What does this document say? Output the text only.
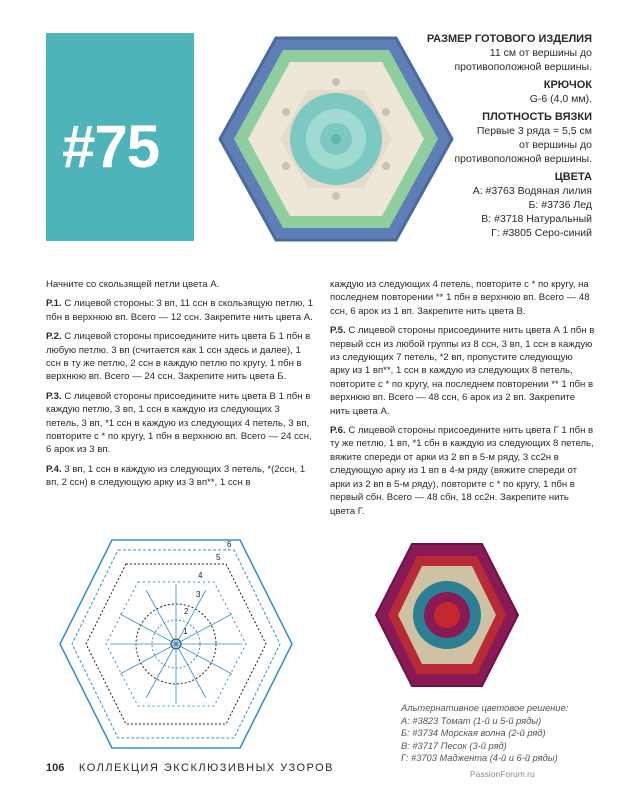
#75

РАЗМЕР ГОТОВОГО ИЗДЕЛИЯ

11 см от вершины до

противоположной вершины.

КРЮЧОК

G-6 (4,0 мм).

ПЛОТНОСТЬ ВЯЗКИ

Первые 3 ряда = 5,5 см

от вершины до

противоположной вершины.

ЦВЕТА

А: #3763 Водяная лилия

Б: #3736 Лед

В: #3718 Натуральный

Г: #3805 Серо-синий

Начните со скользящей петли цвета А.

Р.1. С лицевой стороны: 3 вп, 11 ссн в скользящую петлю, 1 пбн в верхнюю вп. Всего — 12 ссн. Закрепите нить цвета А.

Р.2. С лицевой стороны присоедините нить цвета Б 1 пбн в любую петлю. 3 вп (считается как 1 ссн здесь и далее), 1 ссн в ту же петлю, 2 ссн в каждую петлю по кругу, 1 пбн в верхнюю вп. Всего — 24 ссн. Закрепите нить цвета Б.

Р.3. С лицевой стороны присоедините нить цвета В 1 пбн в каждую петлю, 3 вп, 1 ссн в каждую из следующих 3 петель, 3 вп, *1 ссн в каждую из следующих 4 петель, 3 вп, повторите с * по кругу, 1 пбн в верхнюю вп. Всего — 24 ссн, 6 арок из 3 вп.

Р.4. 3 вп, 1 ссн в каждую из следующих 3 петель, *(2ссн, 1 вп, 2 ссн) в следующую арку из 3 вп**, 1 ссн в

каждую из следующих 4 петель, повторите с * по кругу, на последнем повторении ** 1 пбн в верхнюю вп. Всего — 48 ссн, 6 арок из 1 вп. Закрепите нить цвета В.

Р.5. С лицевой стороны присоедините нить цвета А 1 пбн в первый ссн из любой группы из 8 ссн, 3 вп, 1 ссн в каждую из следующих 7 петель, *2 вп, пропустите следующую арку из 1 вп**, 1 ссн в каждую из следующих 8 петель, повторите с * по кругу, на последнем повторении ** 1 пбн в верхнюю вп. Всего — 48 ссн, 6 арок из 2 вп. Закрепите нить цвета А.

Р.6. С лицевой стороны присоедините нить цвета Г 1 пбн в ту же петлю, 1 вп, *1 сбн в каждую из следующих 8 петель, вяжите спереди от арки из 2 вп в 5-м ряду, 3 сс2н в следующую арку из 1 вп в 4-м ряду (вяжите спереди от арки из 2 вп в 5-м ряду), повторите с * по кругу, 1 пбн в первый сбн. Всего — 48 сбн, 18 сс2н. Закрепите нить цвета Г.

6
5
4
3
2
1

Альтернативное цветовое решение:

А: #3823 Томат (1-й и 5-й ряды)

Б: #3734 Морская волна (2-й ряд)

В: #3717 Песок (3-й ряд)

Г: #3703 Маджента (4-й и 6-й ряды)

106 КОЛЛЕКЦИЯ ЭКСКЛЮЗИВНЫХ УЗОРОВ	PassionForum.ru
